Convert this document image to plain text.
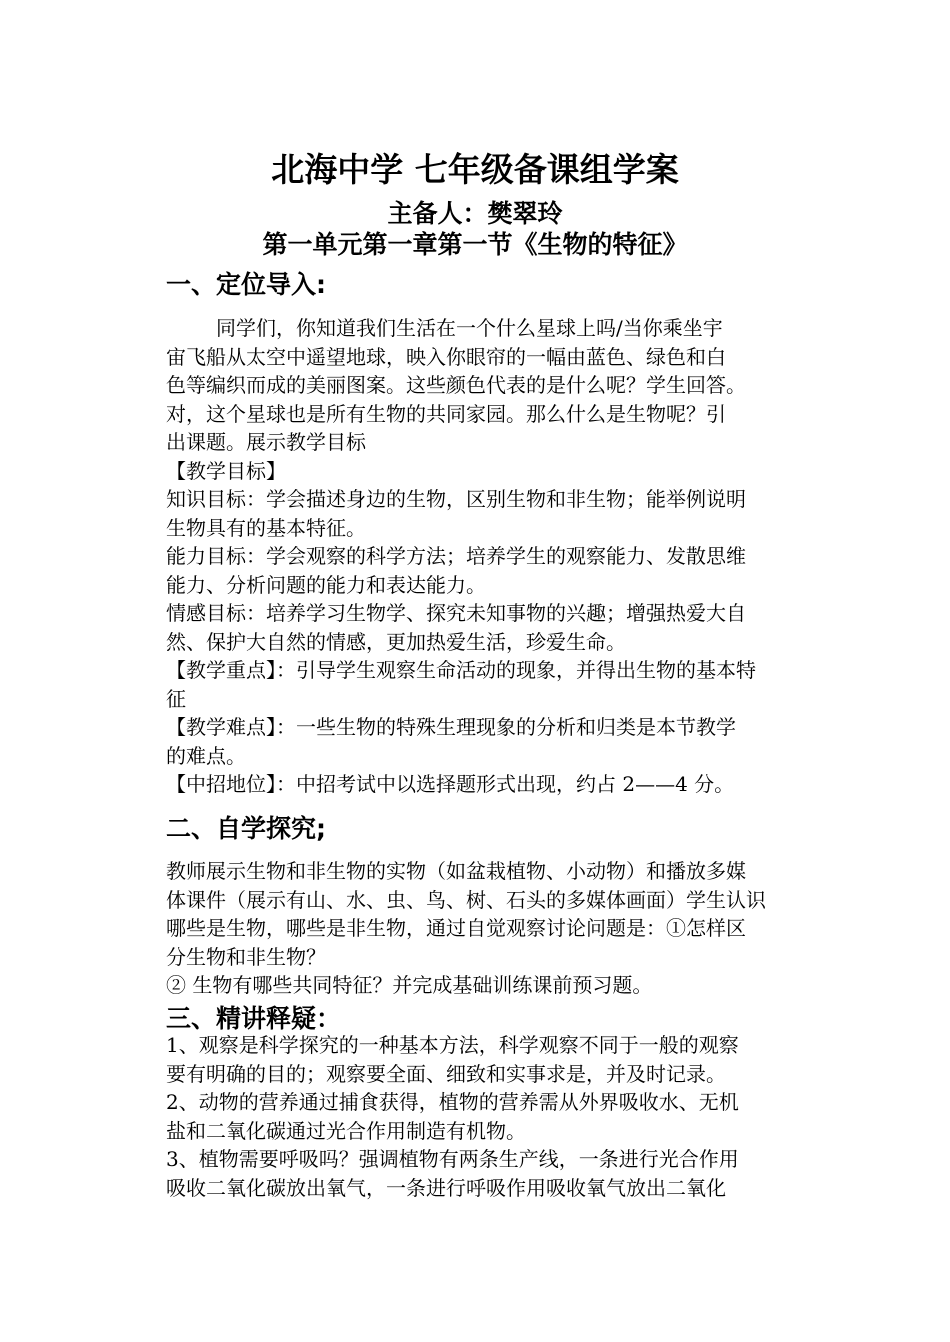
北海中学 七年级备课组学案
主备人：樊翠玲
第一单元第一章第一节《生物的特征》
一、定位导入:
同学们，你知道我们生活在一个什么星球上吗/当你乘坐宇
宙飞船从太空中遥望地球，映入你眼帘的一幅由蓝色、绿色和白
色等编织而成的美丽图案。这些颜色代表的是什么呢？学生回答。
对，这个星球也是所有生物的共同家园。那么什么是生物呢？引
出课题。展示教学目标
【教学目标】
知识目标：学会描述身边的生物，区别生物和非生物；能举例说明
生物具有的基本特征。
能力目标：学会观察的科学方法；培养学生的观察能力、发散思维
能力、分析问题的能力和表达能力。
情感目标：培养学习生物学、探究未知事物的兴趣；增强热爱大自
然、保护大自然的情感，更加热爱生活，珍爱生命。
【教学重点】：引导学生观察生命活动的现象，并得出生物的基本特
征
【教学难点】：一些生物的特殊生理现象的分析和归类是本节教学
的难点。
【中招地位】：中招考试中以选择题形式出现，约占 2——4 分。
二、自学探究;
教师展示生物和非生物的实物（如盆栽植物、小动物）和播放多媒
体课件（展示有山、水、虫、鸟、树、石头的多媒体画面）学生认识
哪些是生物，哪些是非生物，通过自觉观察讨论问题是：①怎样区
分生物和非生物？
② 生物有哪些共同特征？并完成基础训练课前预习题。
三、精讲释疑：
1、观察是科学探究的一种基本方法，科学观察不同于一般的观察
要有明确的目的；观察要全面、细致和实事求是，并及时记录。
2、动物的营养通过捕食获得，植物的营养需从外界吸收水、无机
盐和二氧化碳通过光合作用制造有机物。
3、植物需要呼吸吗？强调植物有两条生产线，一条进行光合作用
吸收二氧化碳放出氧气，一条进行呼吸作用吸收氧气放出二氧化
